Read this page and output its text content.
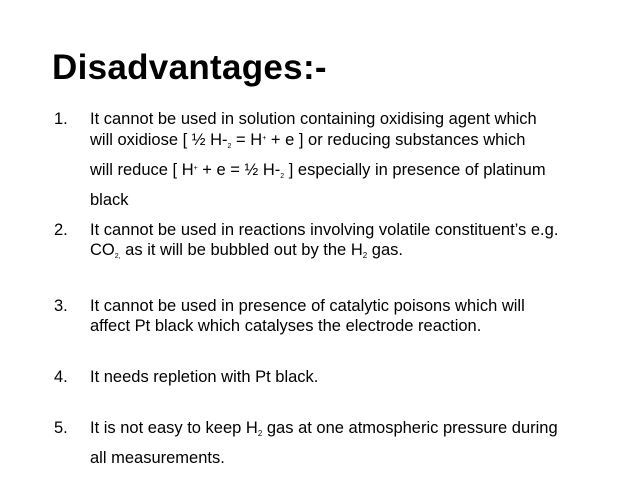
Disadvantages:-
1. It cannot be used in solution containing oxidising agent which
will oxidiose [ ½ $H-_2 = H^+ + e$ ] or reducing substances which
will reduce [ H+ + e = ½ $H-_2$ ] especially in presence of platinum
black
2. It cannot be used in reactions involving volatile constituent’s e.g.
$CO_{2,}$ as it will be bubbled out by the H2 gas.
3. It cannot be used in presence of catalytic poisons which will
affect Pt black which catalyses the electrode reaction.
4. It needs repletion with Pt black.
5. It is not easy to keep H2 gas at one atmospheric pressure during
all measurements.
